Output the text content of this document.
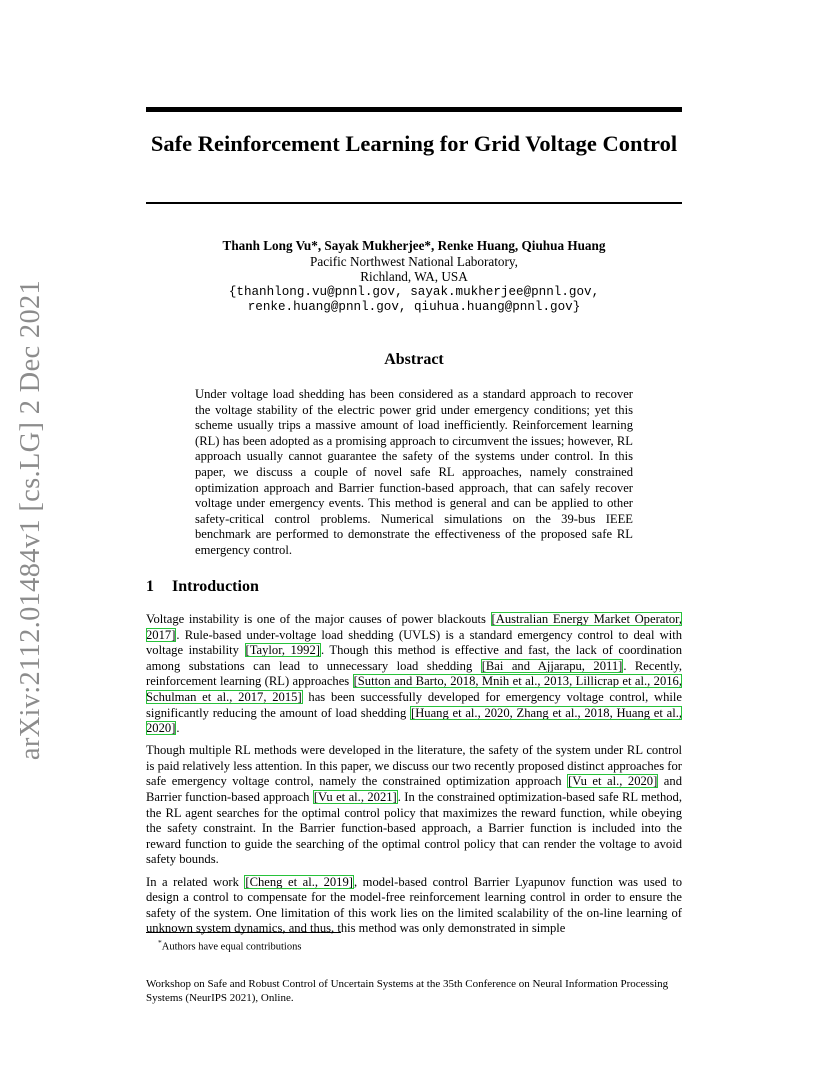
arXiv:2112.01484v1 [cs.LG] 2 Dec 2021
Safe Reinforcement Learning for Grid Voltage Control
Thanh Long Vu*, Sayak Mukherjee*, Renke Huang, Qiuhua Huang
Pacific Northwest National Laboratory,
Richland, WA, USA
{thanhlong.vu@pnnl.gov, sayak.mukherjee@pnnl.gov,
renke.huang@pnnl.gov, qiuhua.huang@pnnl.gov}
Abstract

Under voltage load shedding has been considered as a standard approach to recover the voltage stability of the electric power grid under emergency conditions; yet this scheme usually trips a massive amount of load inefficiently. Reinforcement learning (RL) has been adopted as a promising approach to circumvent the issues; however, RL approach usually cannot guarantee the safety of the systems under control. In this paper, we discuss a couple of novel safe RL approaches, namely constrained optimization approach and Barrier function-based approach, that can safely recover voltage under emergency events. This method is general and can be applied to other safety-critical control problems. Numerical simulations on the 39-bus IEEE benchmark are performed to demonstrate the effectiveness of the proposed safe RL emergency control.

1 Introduction

Voltage instability is one of the major causes of power blackouts [Australian Energy Market Operator, 2017]. Rule-based under-voltage load shedding (UVLS) is a standard emergency control to deal with voltage instability [Taylor, 1992]. Though this method is effective and fast, the lack of coordination among substations can lead to unnecessary load shedding [Bai and Ajjarapu, 2011]. Recently, reinforcement learning (RL) approaches [Sutton and Barto, 2018, Mnih et al., 2013, Lillicrap et al., 2016, Schulman et al., 2017, 2015] has been successfully developed for emergency voltage control, while significantly reducing the amount of load shedding [Huang et al., 2020, Zhang et al., 2018, Huang et al., 2020].

Though multiple RL methods were developed in the literature, the safety of the system under RL control is paid relatively less attention. In this paper, we discuss our two recently proposed distinct approaches for safe emergency voltage control, namely the constrained optimization approach [Vu et al., 2020] and Barrier function-based approach [Vu et al., 2021]. In the constrained optimization-based safe RL method, the RL agent searches for the optimal control policy that maximizes the reward function, while obeying the safety constraint. In the Barrier function-based approach, a Barrier function is included into the reward function to guide the searching of the optimal control policy that can render the voltage to avoid safety bounds.

In a related work [Cheng et al., 2019], model-based control Barrier Lyapunov function was used to design a control to compensate for the model-free reinforcement learning control in order to ensure the safety of the system. One limitation of this work lies on the limited scalability of the on-line learning of unknown system dynamics, and thus, this method was only demonstrated in simple

*Authors have equal contributions
Workshop on Safe and Robust Control of Uncertain Systems at the 35th Conference on Neural Information Processing Systems (NeurIPS 2021), Online.
